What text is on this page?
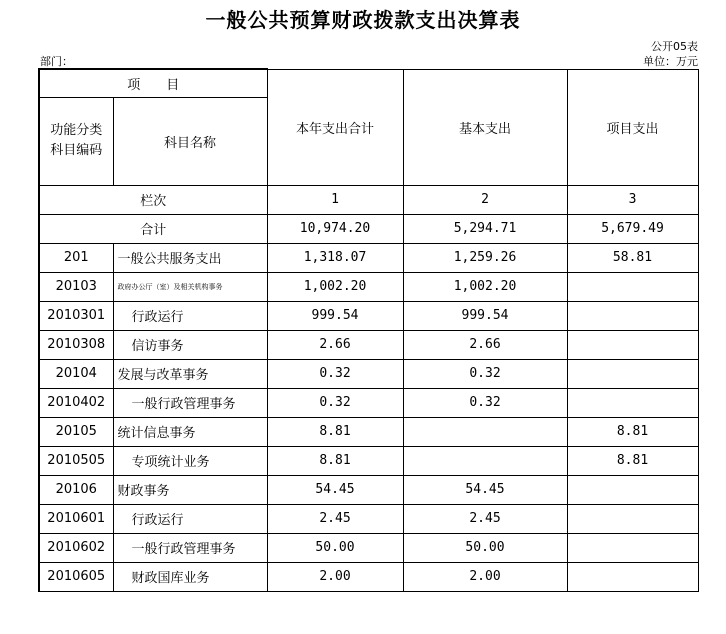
一般公共预算财政拨款支出决算表
公开05表
部门：	单位：万元
项　　目		本年支出合计	基本支出	项目支出
功能分类
科目编码	科目名称			
栏次		1	2	3
合计		10,974.20	5,294.71	5,679.49
201	一般公共服务支出	1,318.07	1,259.26	58.81
20103	政府办公厅（室）及相关机构事务	1,002.20	1,002.20	
2010301	行政运行	999.54	999.54	
2010308	信访事务	2.66	2.66	
20104	发展与改革事务	0.32	0.32	
2010402	一般行政管理事务	0.32	0.32	
20105	统计信息事务	8.81		8.81
2010505	专项统计业务	8.81		8.81
20106	财政事务	54.45	54.45	
2010601	行政运行	2.45	2.45	
2010602	一般行政管理事务	50.00	50.00	
2010605	财政国库业务	2.00	2.00	
